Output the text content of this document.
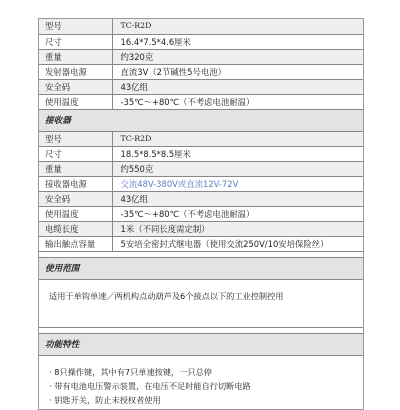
型号	TC-R2D
尺寸	16.4*7.5*4.6厘米
重量	约320克
发射器电源	直流3V（2节碱性5号电池）
安全码	43亿组
使用温度	-35℃～+80℃（不考虑电池耐温）
接收器
型号	TC-R2D
尺寸	18.5*8.5*8.5厘米
重量	约550克
接收器电源	交流48V-380V或直流12V-72V
安全码	43亿组
使用温度	-35℃～+80℃（不考虑电池耐温）
电缆长度	1米（不同长度需定制）
输出触点容量	5安培全密封式继电器（使用交流250V/10安培保险丝）
使用范围
适用于单钩单速／两机构点动葫芦及6个接点以下的工业控制控用
功能特性
· 8只操作键，其中有7只单速按键，一只总停
· 带有电池电压警示装置，在电压不足时能自行切断电路
· 钥匙开关，防止未授权者使用
